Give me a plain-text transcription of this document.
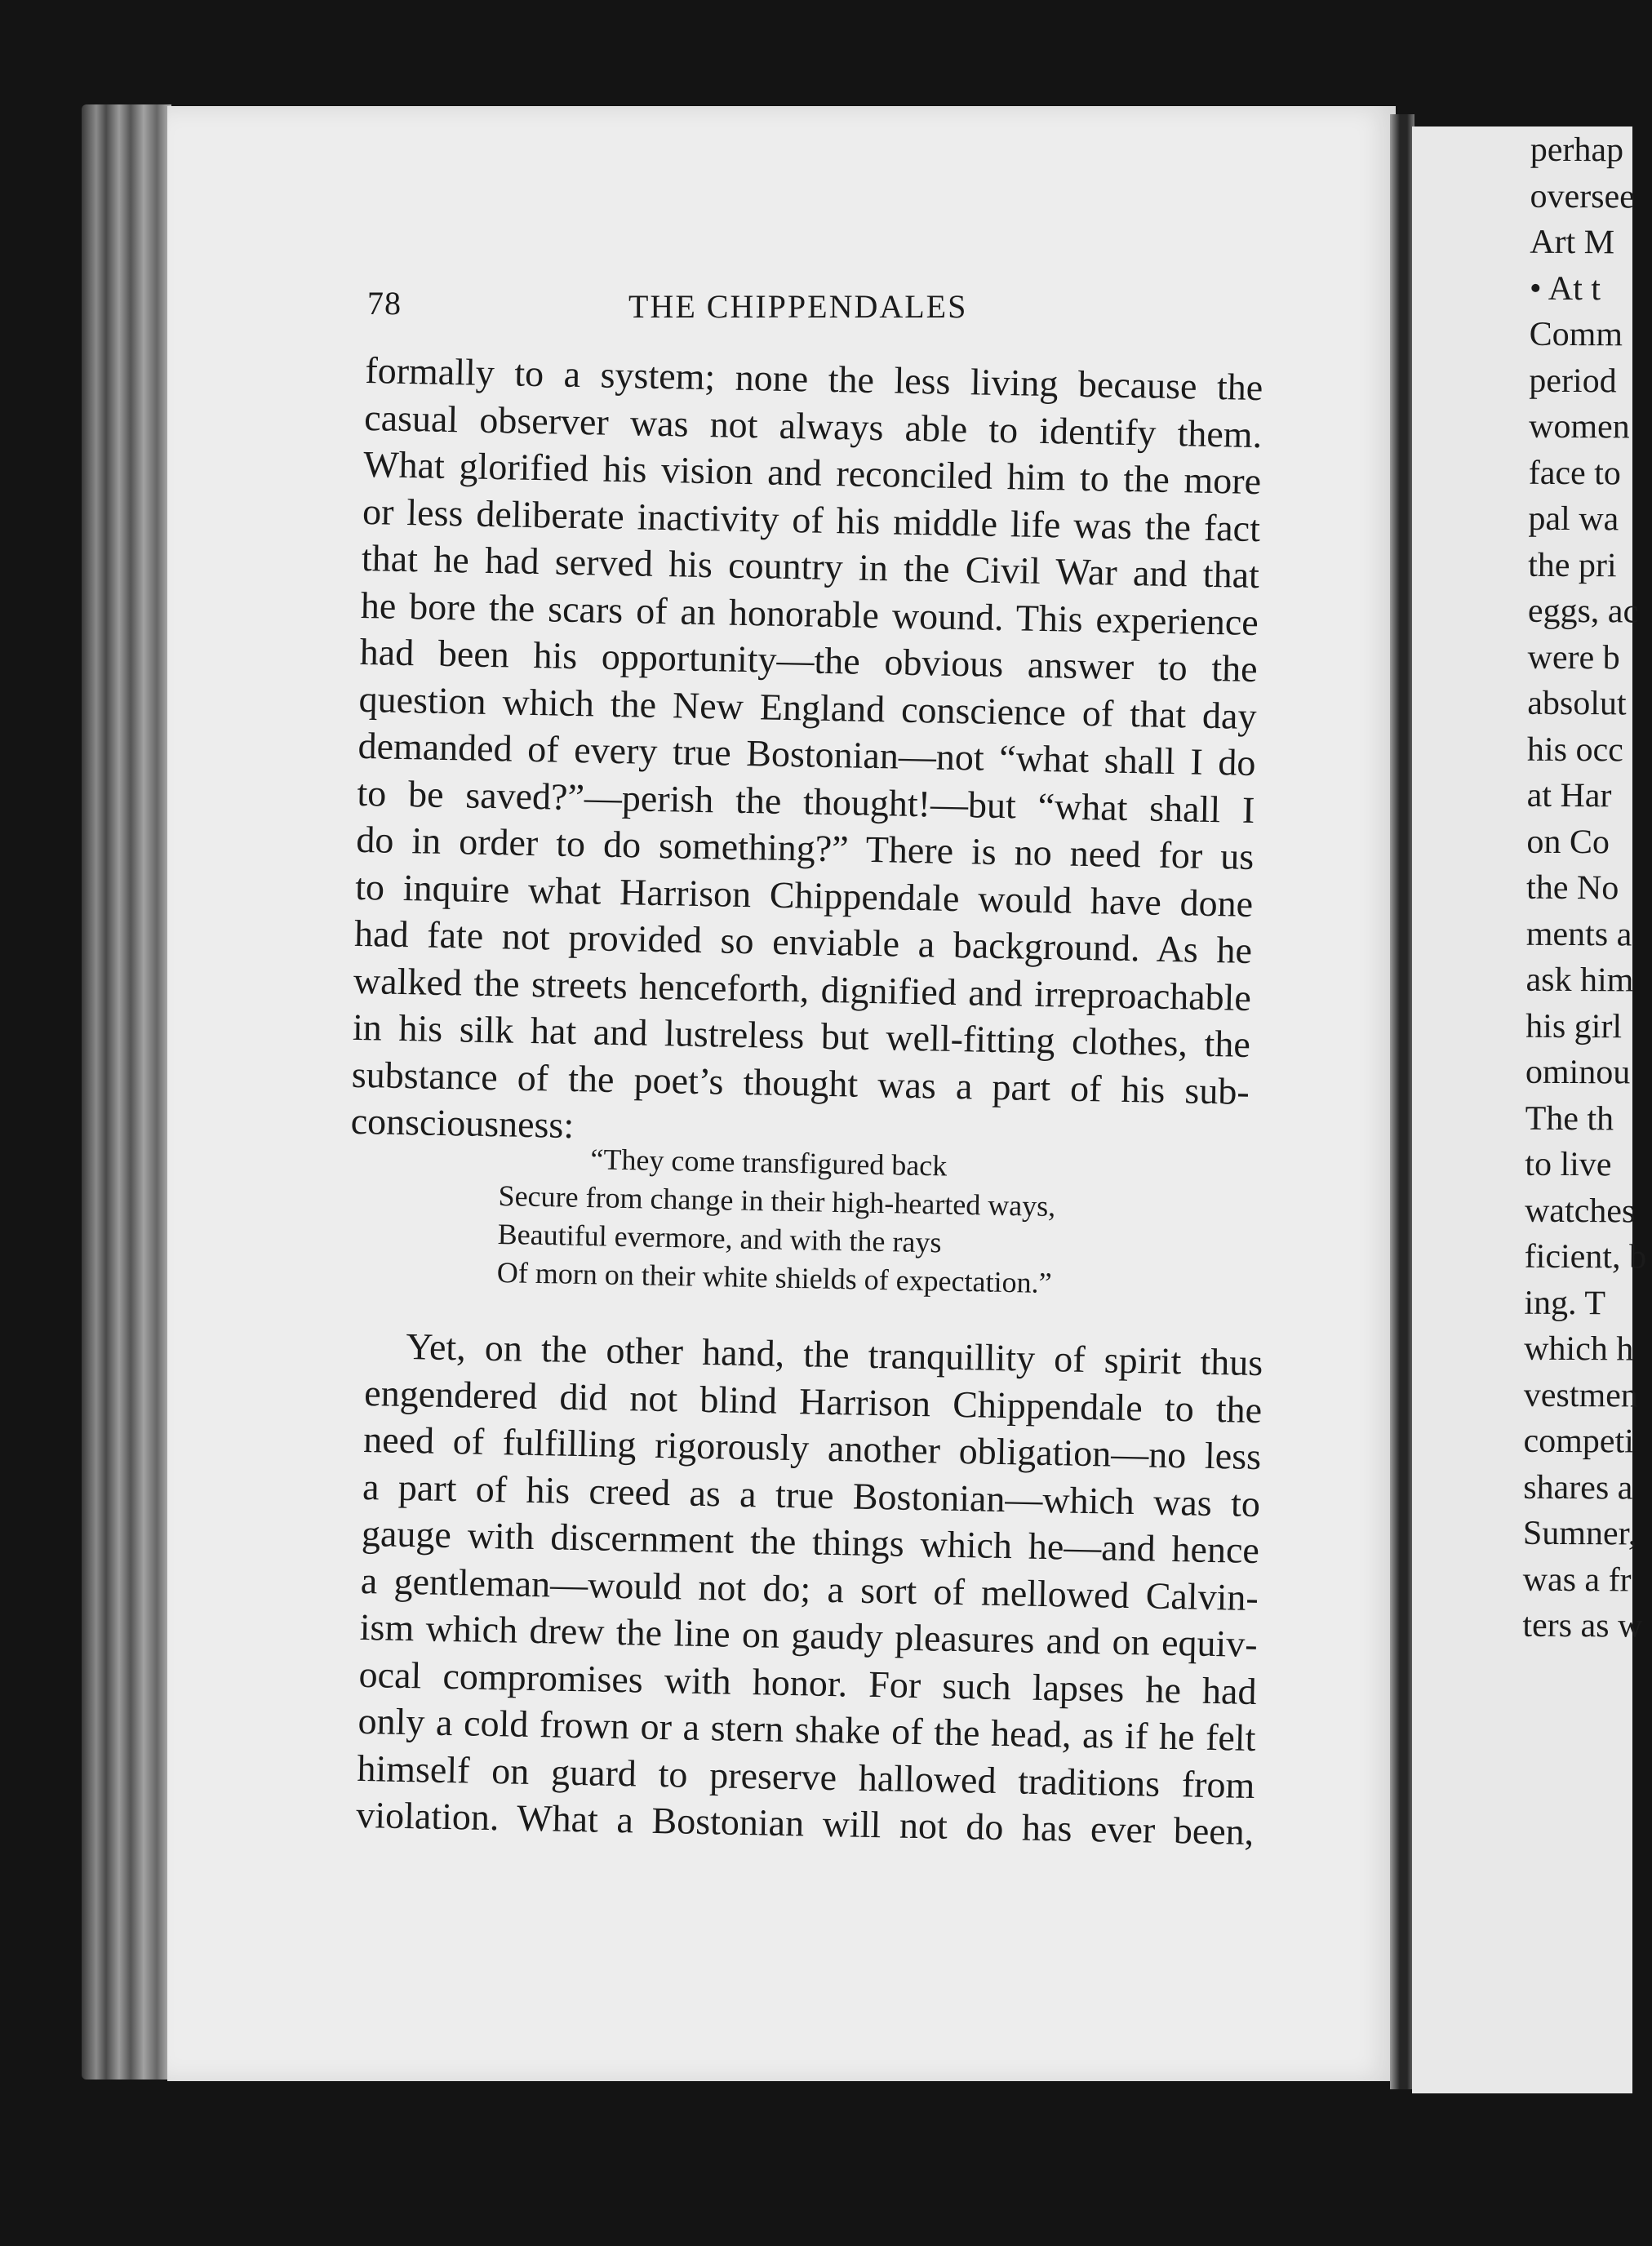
perhap
oversee
Art M
• At t
Comm
period
women
face to
pal wa
the pri
eggs, ac
were b
absolut
his occ
at Har
on Co
the No
ments a
ask him
his girl
ominou
The th
to live
watches
ficient, b
ing. T
which h
vestmen
competi
shares a
Sumner,
was a fr
ters as w
78	THE CHIPPENDALES
formally to a system; none the less living because the
casual observer was not always able to identify them.
What glorified his vision and reconciled him to the more
or less deliberate inactivity of his middle life was the fact
that he had served his country in the Civil War and that
he bore the scars of an honorable wound. This experience
had been his opportunity—the obvious answer to the
question which the New England conscience of that day
demanded of every true Bostonian—not “what shall I do
to be saved?”—perish the thought!—but “what shall I
do in order to do something?” There is no need for us
to inquire what Harrison Chippendale would have done
had fate not provided so enviable a background. As he
walked the streets henceforth, dignified and irreproachable
in his silk hat and lustreless but well-fitting clothes, the
substance of the poet’s thought was a part of his sub-
consciousness:
“They come transfigured back
Secure from change in their high-hearted ways,
Beautiful evermore, and with the rays
Of morn on their white shields of expectation.”
Yet, on the other hand, the tranquillity of spirit thus
engendered did not blind Harrison Chippendale to the
need of fulfilling rigorously another obligation—no less
a part of his creed as a true Bostonian—which was to
gauge with discernment the things which he—and hence
a gentleman—would not do; a sort of mellowed Calvin-
ism which drew the line on gaudy pleasures and on equiv-
ocal compromises with honor. For such lapses he had
only a cold frown or a stern shake of the head, as if he felt
himself on guard to preserve hallowed traditions from
violation. What a Bostonian will not do has ever been,
